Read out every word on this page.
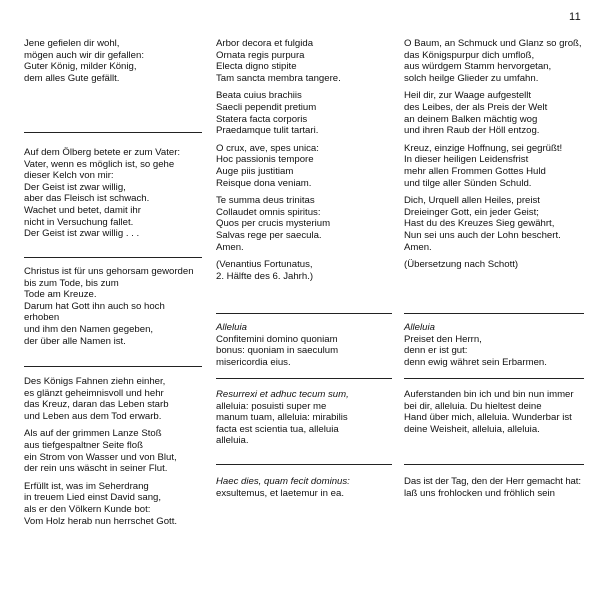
11
Jene gefielen dir wohl,
mögen auch wir dir gefallen:
Guter König, milder König,
dem alles Gute gefällt.
Auf dem Ölberg betete er zum Vater:
Vater, wenn es möglich ist, so gehe
dieser Kelch von mir:
Der Geist ist zwar willig,
aber das Fleisch ist schwach.
Wachet und betet, damit ihr
nicht in Versuchung fallet.
Der Geist ist zwar willig . . .
Christus ist für uns gehorsam geworden
bis zum Tode, bis zum
Tode am Kreuze.
Darum hat Gott ihn auch so hoch
erhoben
und ihm den Namen gegeben,
der über alle Namen ist.
Des Königs Fahnen ziehn einher,
es glänzt geheimnisvoll und hehr
das Kreuz, daran das Leben starb
und Leben aus dem Tod erwarb.
Als auf der grimmen Lanze Stoß
aus tiefgespaltner Seite floß
ein Strom von Wasser und von Blut,
der rein uns wäscht in seiner Flut.
Erfüllt ist, was im Seherdrang
in treuem Lied einst David sang,
als er den Völkern Kunde bot:
Vom Holz herab nun herrschet Gott.
Arbor decora et fulgida
Ornata regis purpura
Electa digno stipite
Tam sancta membra tangere.
Beata cuius brachiis
Saecli pependit pretium
Statera facta corporis
Praedamque tulit tartari.
O crux, ave, spes unica:
Hoc passionis tempore
Auge piis justitiam
Reisque dona veniam.
Te summa deus trinitas
Collaudet omnis spiritus:
Quos per crucis mysterium
Salvas rege per saecula.
Amen.
(Venantius Fortunatus,
2. Hälfte des 6. Jahrh.)
Alleluia
Confitemini domino quoniam
bonus: quoniam in saeculum
misericordia eius.
Resurrexi et adhuc tecum sum,
alleluia: posuisti super me
manum tuam, alleluia: mirabilis
facta est scientia tua, alleluia
alleluia.
Haec dies, quam fecit dominus:
exsultemus, et laetemur in ea.
O Baum, an Schmuck und Glanz so groß,
das Königspurpur dich umfloß,
aus würdgem Stamm hervorgetan,
solch heilge Glieder zu umfahn.
Heil dir, zur Waage aufgestellt
des Leibes, der als Preis der Welt
an deinem Balken mächtig wog
und ihren Raub der Höll entzog.
Kreuz, einzige Hoffnung, sei gegrüßt!
In dieser heiligen Leidensfrist
mehr allen Frommen Gottes Huld
und tilge aller Sünden Schuld.
Dich, Urquell allen Heiles, preist
Dreieinger Gott, ein jeder Geist;
Hast du des Kreuzes Sieg gewährt,
Nun sei uns auch der Lohn beschert.
Amen.
(Übersetzung nach Schott)
Alleluia
Preiset den Herrn,
denn er ist gut:
denn ewig währet sein Erbarmen.
Auferstanden bin ich und bin nun immer
bei dir, alleluia. Du hieltest deine
Hand über mich, alleluia. Wunderbar ist
deine Weisheit, alleluia, alleluia.
Das ist der Tag, den der Herr gemacht hat:
laß uns frohlocken und fröhlich sein
